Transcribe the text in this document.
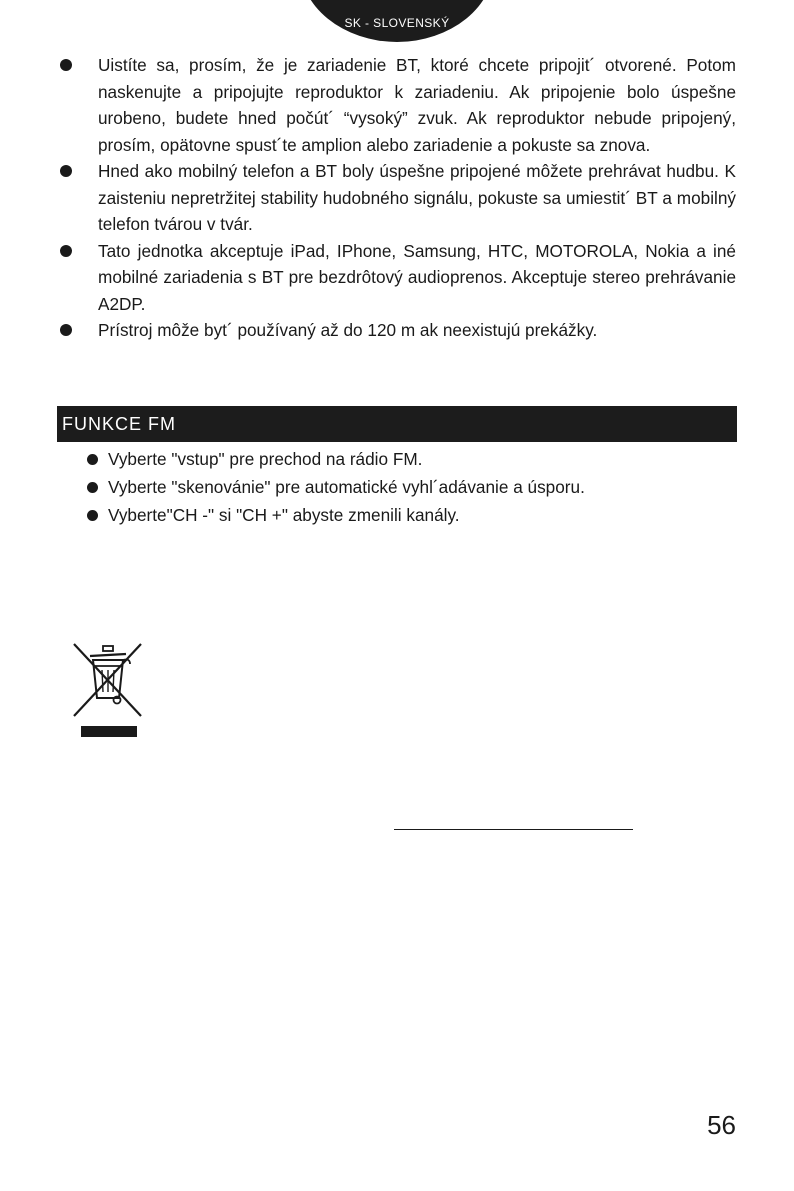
SK - SLOVENSKÝ
Uistíte sa, prosím, že je zariadenie BT, ktoré chcete pripojit´ otvorené. Potom naskenujte a pripojujte reproduktor k zariadeniu. Ak pripojenie bolo úspešne urobeno, budete hned počút´ “vysoký” zvuk. Ak reproduktor nebude pripojený, prosím, opätovne spust´te amplion alebo zariadenie a pokuste sa znova.
Hned ako mobilný telefon a BT boly úspešne pripojené môžete prehrávat hudbu. K zaisteniu nepretržitej stability hudobného signálu, pokuste sa umiestit´ BT a mobilný telefon tvárou v tvár.
Tato jednotka akceptuje iPad, IPhone, Samsung, HTC, MOTOROLA, Nokia a iné mobilné zariadenia s BT pre bezdrôtový audioprenos. Akceptuje stereo prehrávanie A2DP.
Prístroj môže byt´ používaný až do 120 m ak neexistujú prekážky.
FUNKCE FM
Vyberte "vstup" pre prechod na rádio FM.
Vyberte "skenovánie" pre automatické vyhl´adávanie a úsporu.
Vyberte"CH -" si "CH +" abyste zmenili kanály.
56
